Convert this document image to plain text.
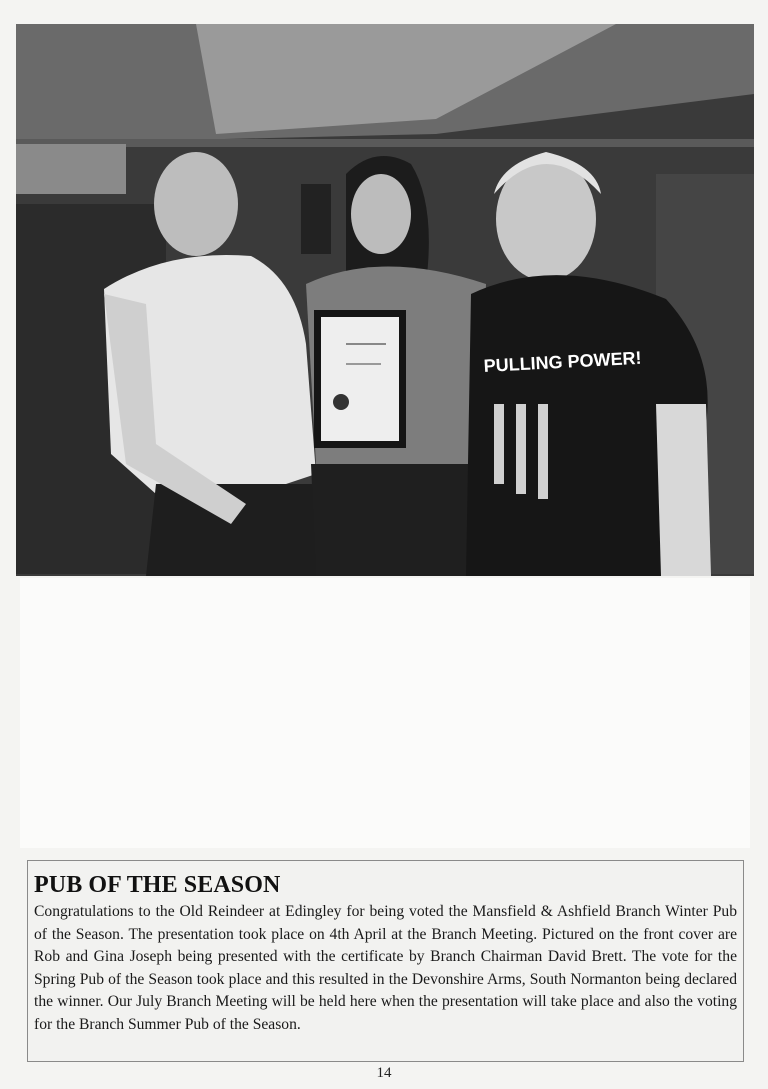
PULLING POWER!
PUB OF THE SEASON

Congratulations to the Old Reindeer at Edingley for being voted the Mansfield & Ashfield Branch Winter Pub of the Season. The presentation took place on 4th April at the Branch Meeting. Pictured on the front cover are Rob and Gina Joseph being presented with the certificate by Branch Chairman David Brett. The vote for the Spring Pub of the Season took place and this resulted in the Devonshire Arms, South Normanton being declared the winner. Our July Branch Meeting will be held here when the presentation will take place and also the voting for the Branch Summer Pub of the Season.

14
